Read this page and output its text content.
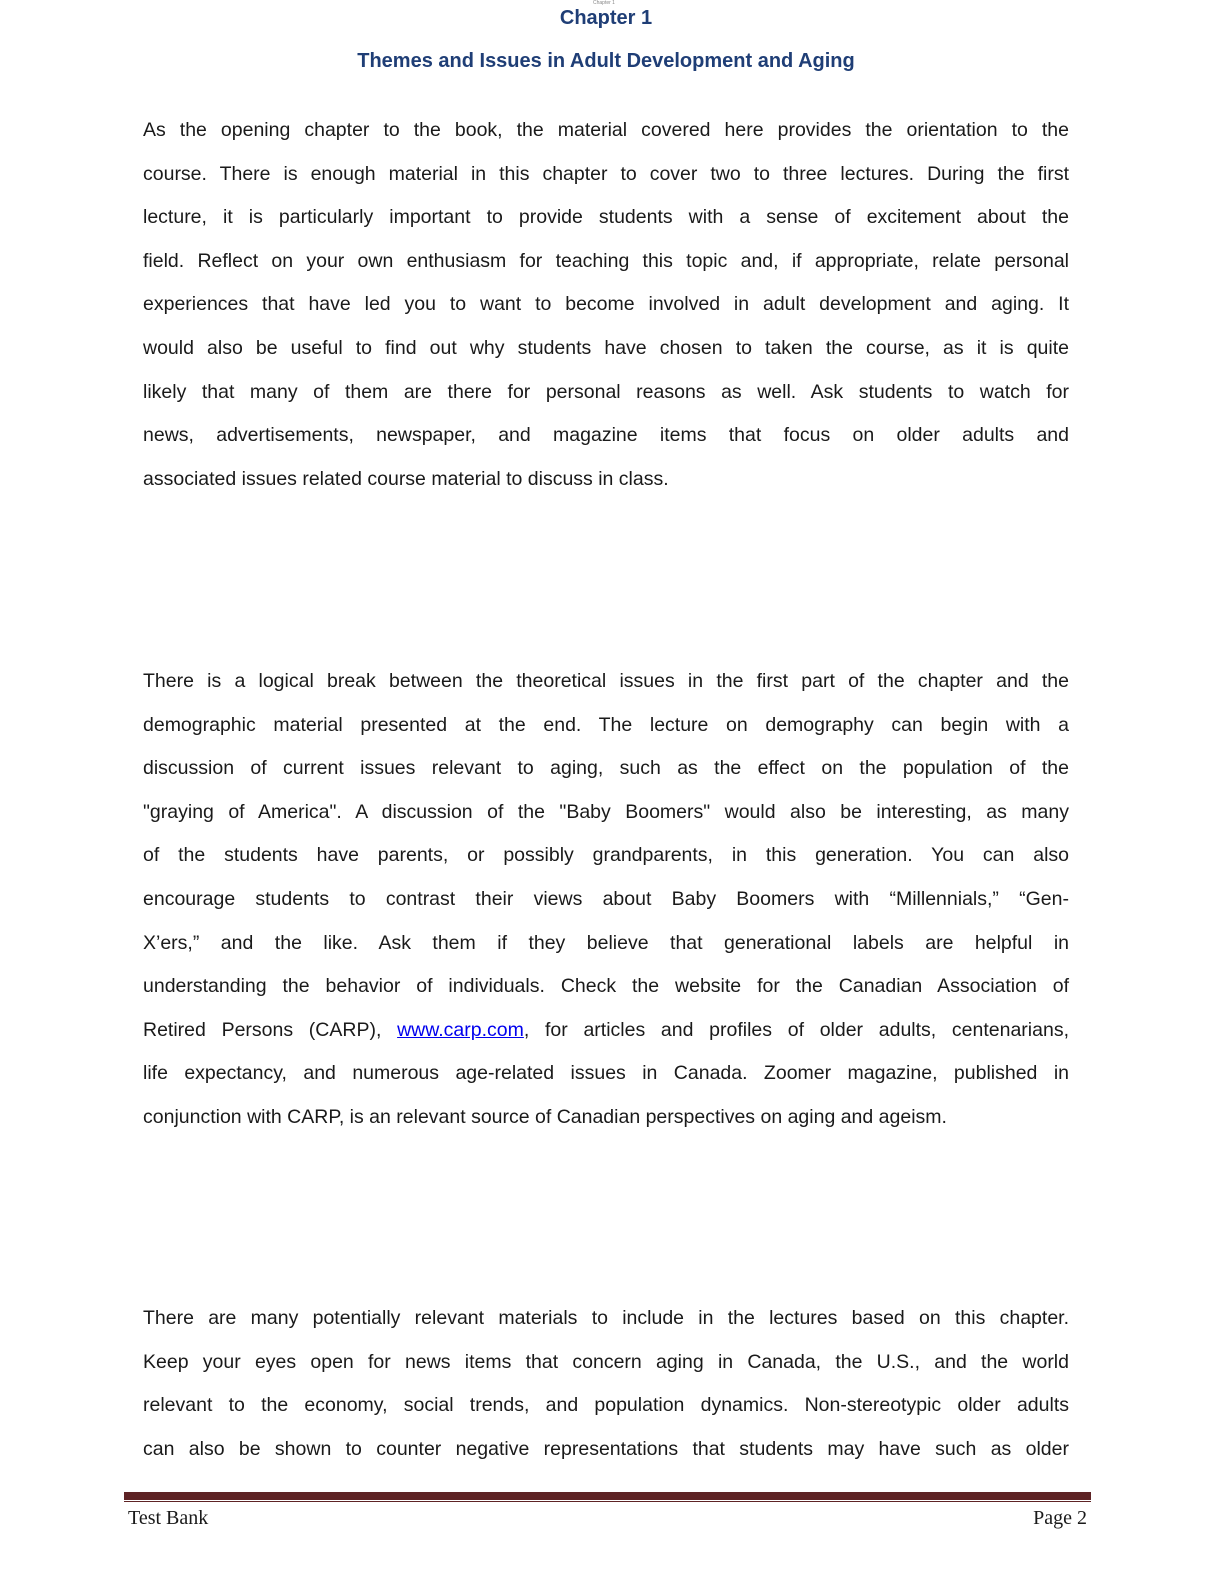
Chapter 1
Chapter 1
Themes and Issues in Adult Development and Aging
As the opening chapter to the book, the material covered here provides the orientation to the
course. There is enough material in this chapter to cover two to three lectures. During the first
lecture, it is particularly important to provide students with a sense of excitement about the
field. Reflect on your own enthusiasm for teaching this topic and, if appropriate, relate personal
experiences that have led you to want to become involved in adult development and aging. It
would also be useful to find out why students have chosen to taken the course, as it is quite
likely that many of them are there for personal reasons as well. Ask students to watch for
news, advertisements, newspaper, and magazine items that focus on older adults and
associated issues related course material to discuss in class.
There is a logical break between the theoretical issues in the first part of the chapter and the
demographic material presented at the end. The lecture on demography can begin with a
discussion of current issues relevant to aging, such as the effect on the population of the
"graying of America". A discussion of the "Baby Boomers" would also be interesting, as many
of the students have parents, or possibly grandparents, in this generation. You can also
encourage students to contrast their views about Baby Boomers with “Millennials,” “Gen-
X’ers,” and the like. Ask them if they believe that generational labels are helpful in
understanding the behavior of individuals. Check the website for the Canadian Association of
Retired Persons (CARP), www.carp.com, for articles and profiles of older adults, centenarians,
life expectancy, and numerous age-related issues in Canada. Zoomer magazine, published in
conjunction with CARP, is an relevant source of Canadian perspectives on aging and ageism.
There are many potentially relevant materials to include in the lectures based on this chapter.
Keep your eyes open for news items that concern aging in Canada, the U.S., and the world
relevant to the economy, social trends, and population dynamics. Non-stereotypic older adults
can also be shown to counter negative representations that students may have such as older
Test Bank	Page 2
